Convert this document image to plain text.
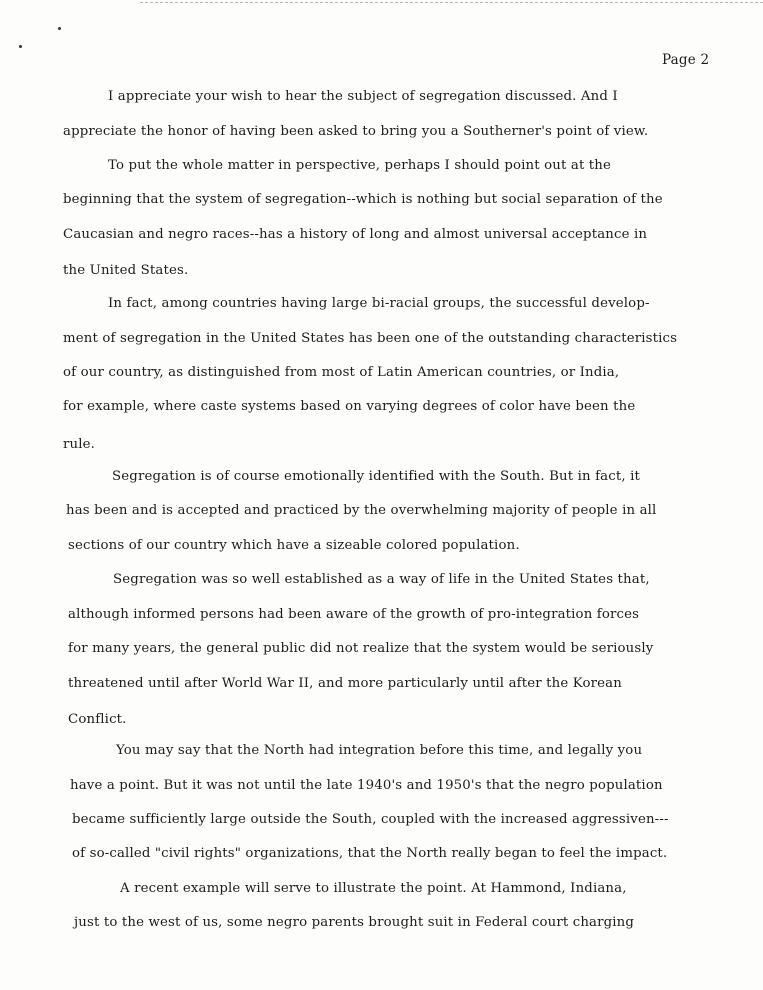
Page 2
I appreciate your wish to hear the subject of segregation discussed. And I
appreciate the honor of having been asked to bring you a Southerner's point of view.
To put the whole matter in perspective, perhaps I should point out at the
beginning that the system of segregation--which is nothing but social separation of the
Caucasian and negro races--has a history of long and almost universal acceptance in
the United States.
In fact, among countries having large bi-racial groups, the successful develop-
ment of segregation in the United States has been one of the outstanding characteristics
of our country, as distinguished from most of Latin American countries, or India,
for example, where caste systems based on varying degrees of color have been the
rule.
Segregation is of course emotionally identified with the South. But in fact, it
has been and is accepted and practiced by the overwhelming majority of people in all
sections of our country which have a sizeable colored population.
Segregation was so well established as a way of life in the United States that,
although informed persons had been aware of the growth of pro-integration forces
for many years, the general public did not realize that the system would be seriously
threatened until after World War II, and more particularly until after the Korean
Conflict.
You may say that the North had integration before this time, and legally you
have a point. But it was not until the late 1940's and 1950's that the negro population
became sufficiently large outside the South, coupled with the increased aggressiven---
of so-called "civil rights" organizations, that the North really began to feel the impact.
A recent example will serve to illustrate the point. At Hammond, Indiana,
just to the west of us, some negro parents brought suit in Federal court charging
